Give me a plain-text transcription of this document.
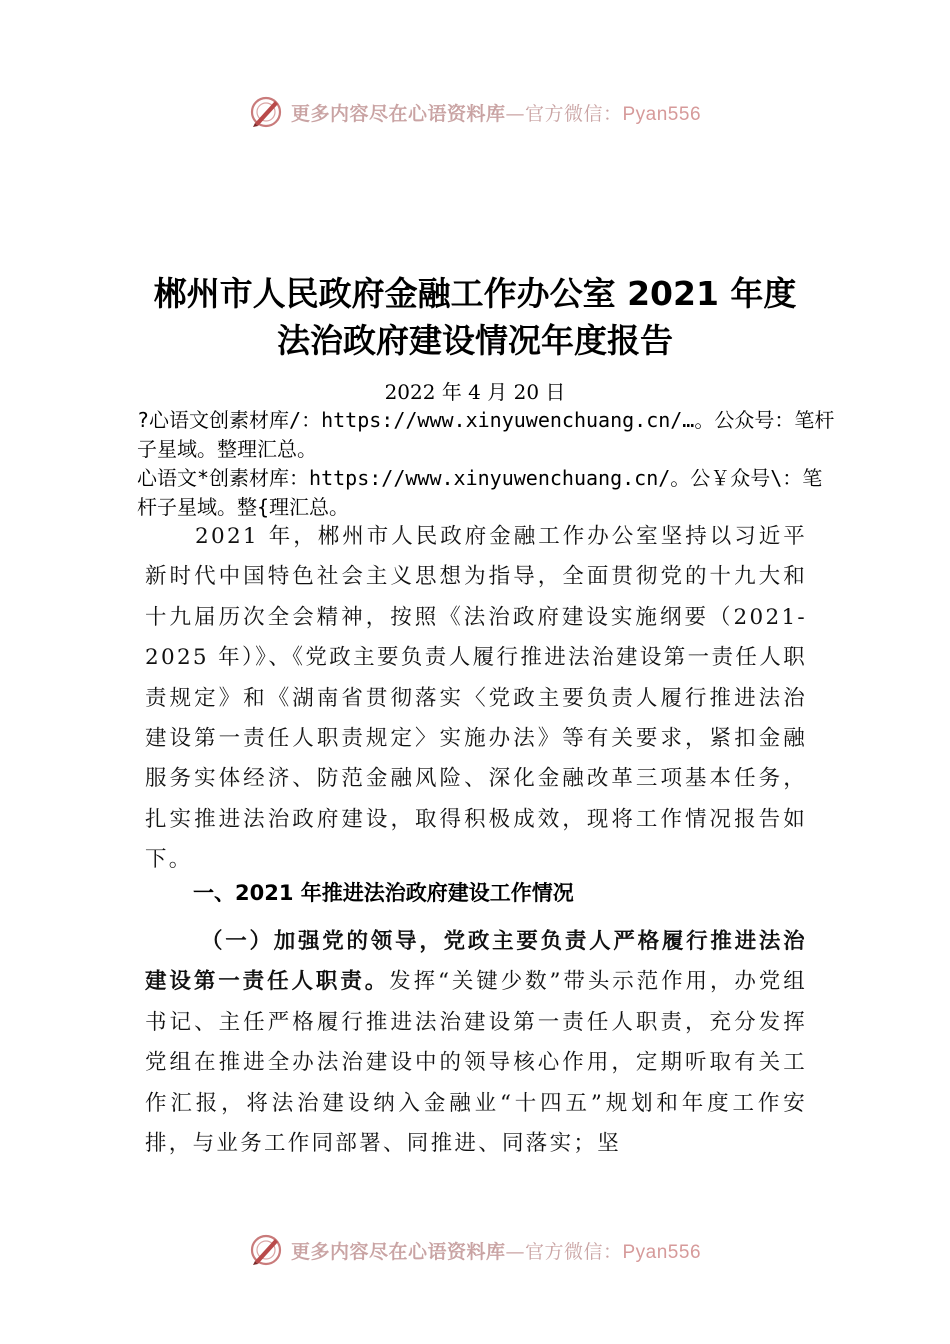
更多内容尽在心语资料库—官方微信：Pyan556
郴州市人民政府金融工作办公室 2021 年度
法治政府建设情况年度报告
2022 年 4 月 20 日
?心语文创素材库/：https://www.xinyuwenchuang.cn/…。公众号：笔杆子星域。整理汇总。
心语文*创素材库：https://www.xinyuwenchuang.cn/。公￥众号\：笔杆子星域。整{理汇总。
2021 年，郴州市人民政府金融工作办公室坚持以习近平新时代中国特色社会主义思想为指导，全面贯彻党的十九大和十九届历次全会精神，按照《法治政府建设实施纲要（2021-2025 年）》、《党政主要负责人履行推进法治建设第一责任人职责规定》和《湖南省贯彻落实〈党政主要负责人履行推进法治建设第一责任人职责规定〉实施办法》等有关要求，紧扣金融服务实体经济、防范金融风险、深化金融改革三项基本任务，扎实推进法治政府建设，取得积极成效，现将工作情况报告如下。
一、2021 年推进法治政府建设工作情况
（一）加强党的领导，党政主要负责人严格履行推进法治建设第一责任人职责。发挥“关键少数”带头示范作用，办党组书记、主任严格履行推进法治建设第一责任人职责，充分发挥党组在推进全办法治建设中的领导核心作用，定期听取有关工作汇报，将法治建设纳入金融业“十四五”规划和年度工作安排，与业务工作同部署、同推进、同落实；坚
更多内容尽在心语资料库—官方微信：Pyan556
